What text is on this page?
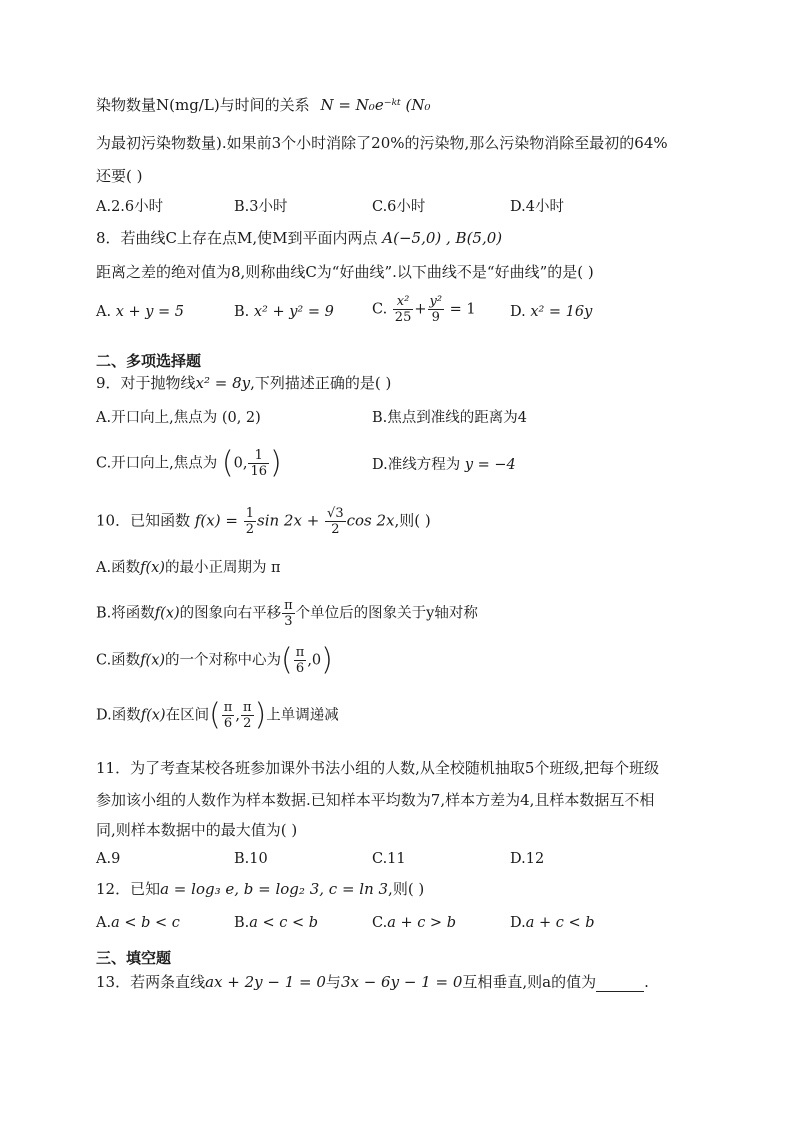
染物数量N(mg/L)与时间的关系 N = N₀e⁻ᵏᵗ (N₀
为最初污染物数量).如果前3个小时消除了20%的污染物,那么污染物消除至最初的64%
还要( )
A.2.6小时	B.3小时	C.6小时	D.4小时
8．若曲线C上存在点M,使M到平面内两点 A(−5,0) , B(5,0)
距离之差的绝对值为8,则称曲线C为“好曲线”.以下曲线不是“好曲线”的是( )
A. x + y = 5	B. x² + y² = 9	C. $\frac{\text{x²}}{25} + \frac{\text{y²}}{9} = 1$ D. x² = 16y
二、多项选择题
9．对于抛物线x² = 8y,下列描述正确的是( )
A.开口向上,焦点为 (0, 2)	B.焦点到准线的距离为4
C.开口向上,焦点为 (0, $\frac{1}{16}$ )	D.准线方程为 y = −4
10．已知函数 $f(x) = \frac{1}{2}$ $\sin 2x + \frac{√3}{2}$ cos 2x,则( )
A.函数f(x)的最小正周期为 π
B.将函数f(x)的图象向右平移 $\frac{\pi}{3}$ 个单位后的图象关于y轴对称
C.函数f(x)的一个对称中心为( $\frac{\pi}{6} ,0$)
D.函数f(x)在区间( $\frac{\pi}{6}$ , $\frac{\pi}{2}$ )上单调递减
11．为了考查某校各班参加课外书法小组的人数,从全校随机抽取5个班级,把每个班级
参加该小组的人数作为样本数据.已知样本平均数为7,样本方差为4,且样本数据互不相
同,则样本数据中的最大值为( )
A.9	B.10	C.11	D.12
12．已知a = log₃ e, b = log₂ 3, c = ln 3,则( )
A.a < b < c	B.a < c < b	C.a + c > b	D.a + c < b
三、填空题
13．若两条直线ax + 2y − 1 = 0与3x − 6y − 1 = 0互相垂直,则a的值为	.
